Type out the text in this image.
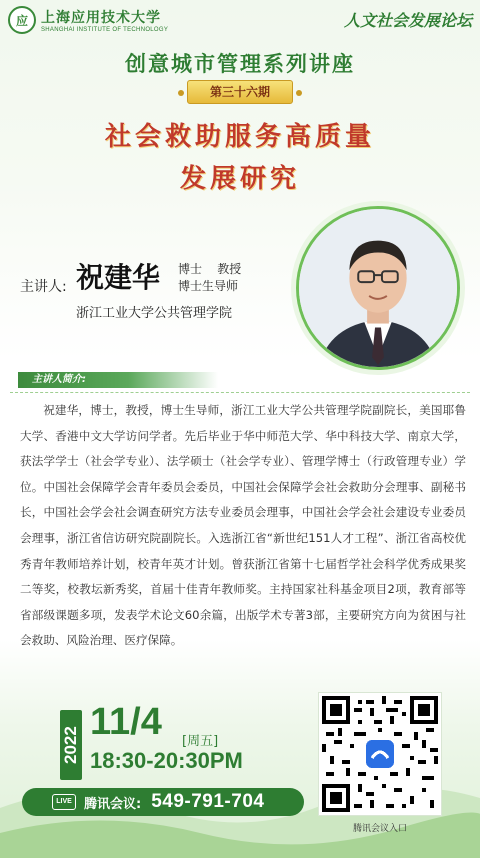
应 上海应用技术大学
SHANGHAI INSTITUTE OF TECHNOLOGY	人文社会发展论坛
创意城市管理系列讲座
第三十六期
社会救助服务高质量
发展研究
主讲人: 祝建华 博士    教授
博士生导师
浙江工业大学公共管理学院
主讲人简介:
祝建华，博士，教授，博士生导师，浙江工业大学公共管理学院副院长，美国耶鲁大学、香港中文大学访问学者。先后毕业于华中师范大学、华中科技大学、南京大学，获法学学士（社会学专业）、法学硕士（社会学专业）、管理学博士（行政管理专业）学位。中国社会保障学会青年委员会委员，中国社会保障学会社会救助分会理事、副秘书长，中国社会学会社会调查研究方法专业委员会理事，中国社会学会社会建设专业委员会理事，浙江省信访研究院副院长。入选浙江省“新世纪151人才工程”、浙江省高校优秀青年教师培养计划，校青年英才计划。曾获浙江省第十七届哲学社会科学优秀成果奖二等奖，校教坛新秀奖，首届十佳青年教师奖。主持国家社科基金项目2项，教育部等省部级课题多项，发表学术论文60余篇，出版学术专著3部，主要研究方向为贫困与社会救助、风险治理、医疗保障。
2022
11/4 [周五]
18:30-20:30PM
LIVE 腾讯会议: 549-791-704
腾讯会议入口
